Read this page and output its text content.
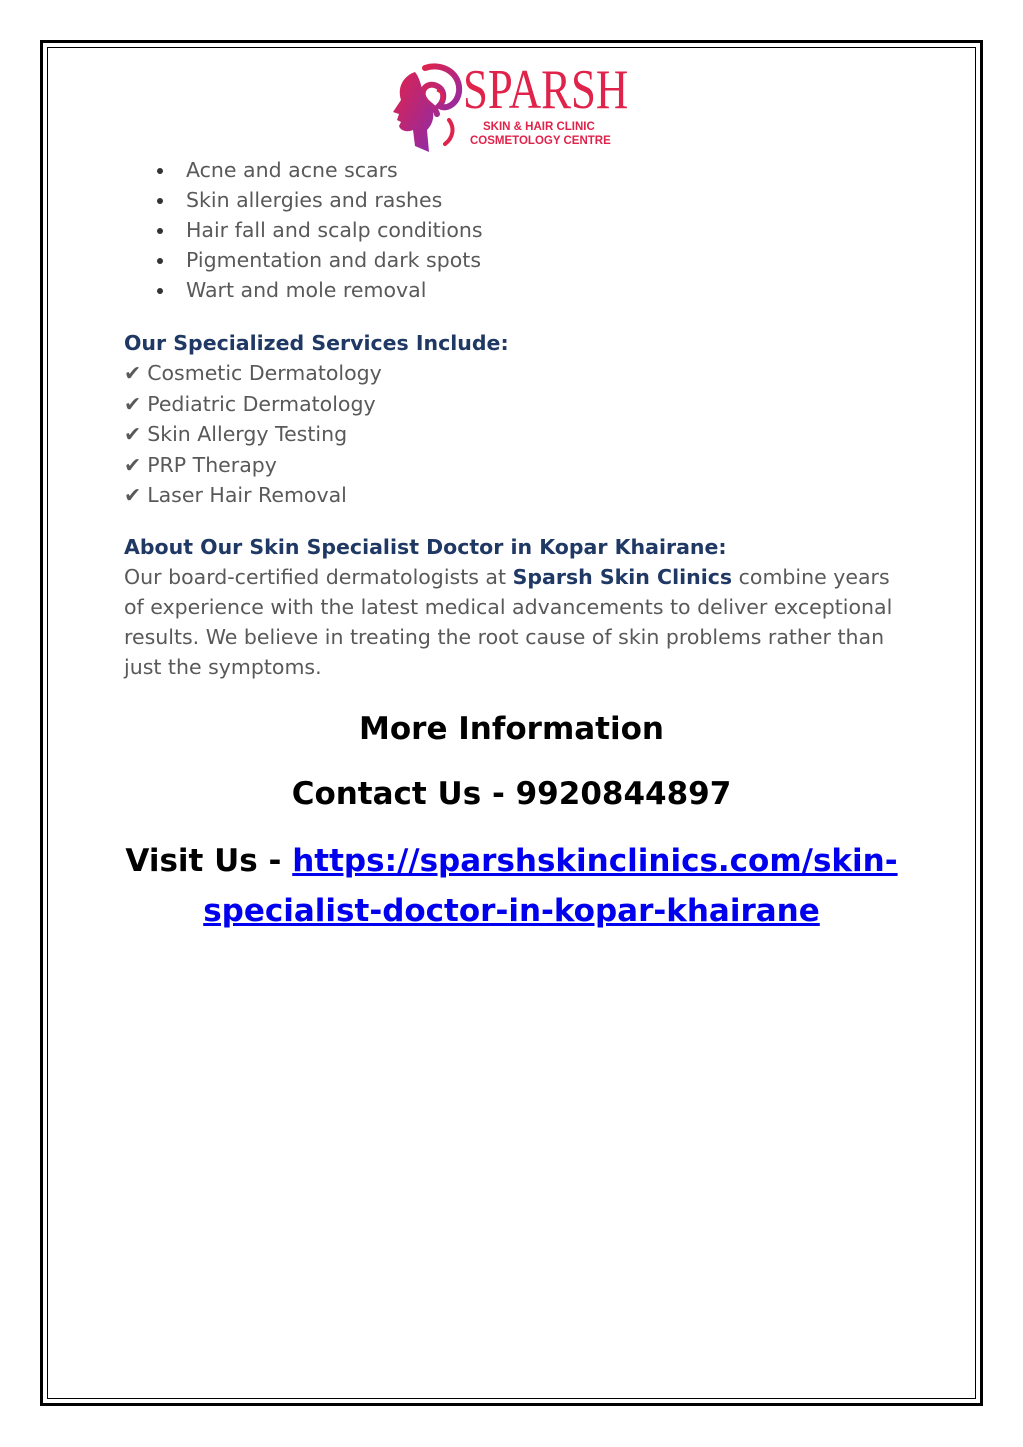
SPARSH
SKIN & HAIR CLINIC
COSMETOLOGY CENTRE
Acne and acne scars
Skin allergies and rashes
Hair fall and scalp conditions
Pigmentation and dark spots
Wart and mole removal
Our Specialized Services Include:
✔ Cosmetic Dermatology
✔ Pediatric Dermatology
✔ Skin Allergy Testing
✔ PRP Therapy
✔ Laser Hair Removal
About Our Skin Specialist Doctor in Kopar Khairane:
Our board-certified dermatologists at Sparsh Skin Clinics combine years of experience with the latest medical advancements to deliver exceptional results. We believe in treating the root cause of skin problems rather than just the symptoms.
More Information
Contact Us - 9920844897
Visit Us - https://sparshskinclinics.com/skin-
specialist-doctor-in-kopar-khairane
